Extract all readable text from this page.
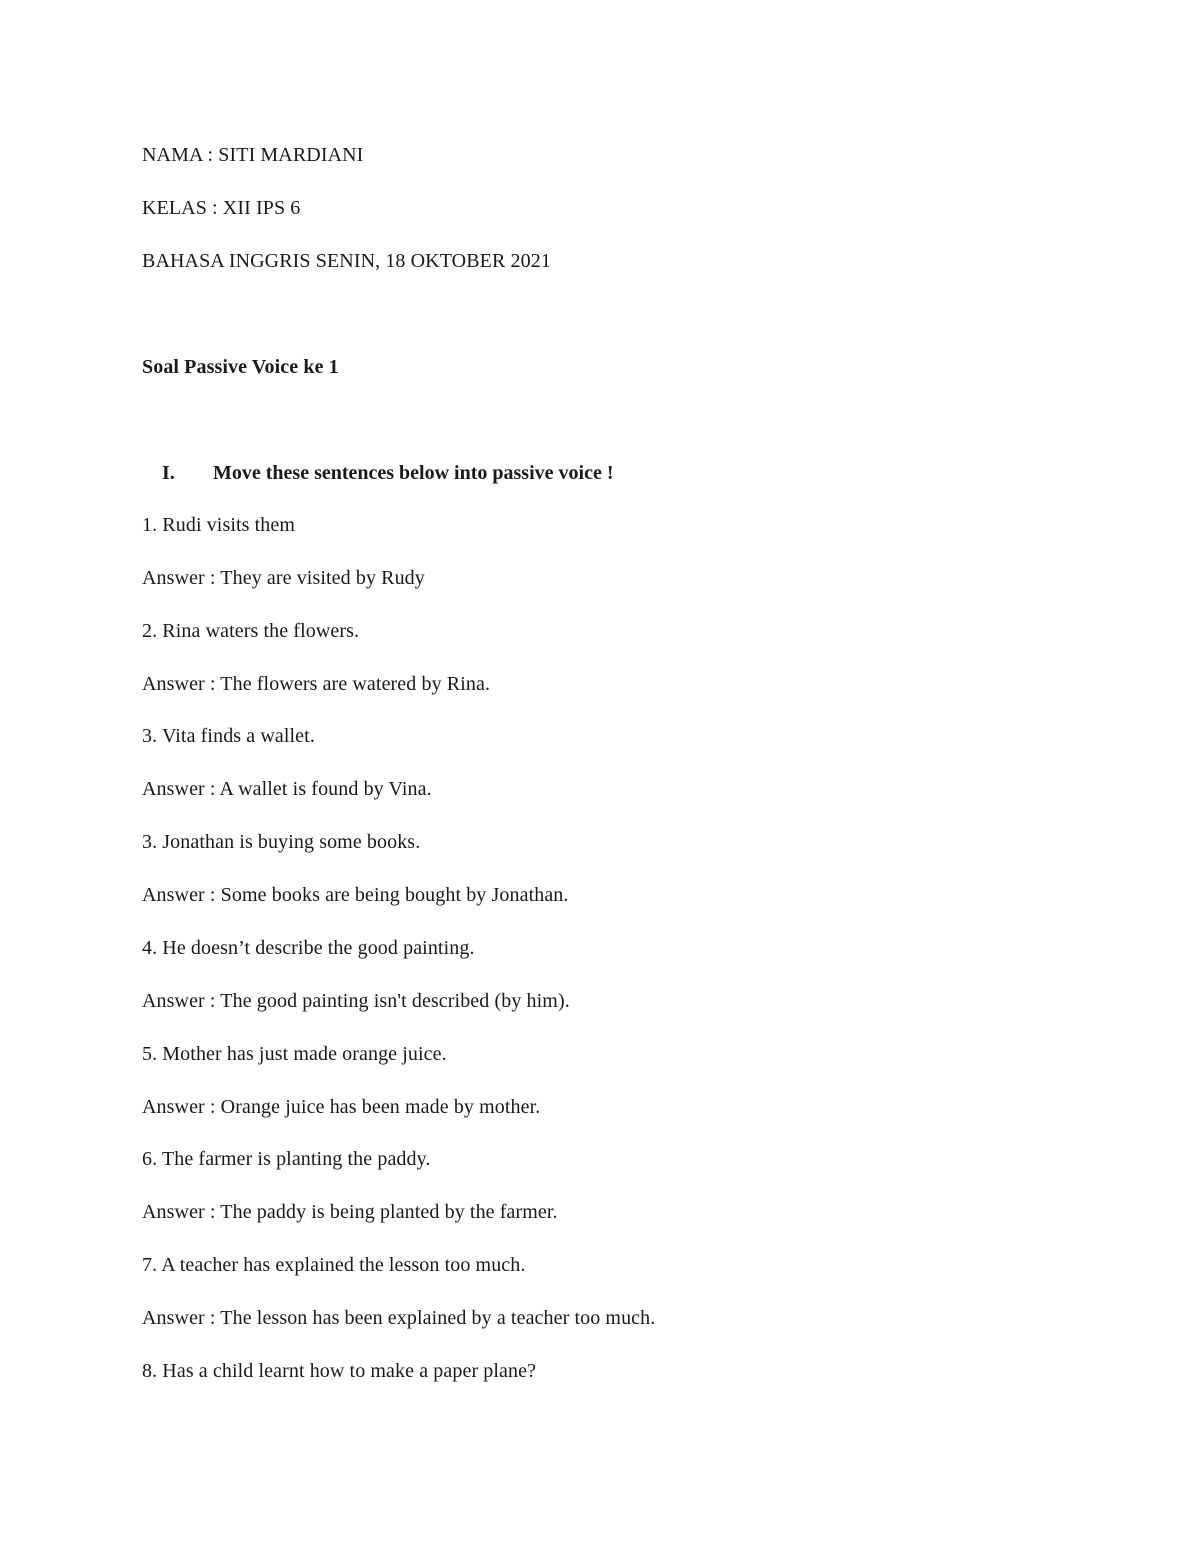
NAMA : SITI MARDIANI
KELAS : XII IPS 6
BAHASA INGGRIS SENIN, 18 OKTOBER 2021
Soal Passive Voice ke 1
I. Move these sentences below into passive voice !
1. Rudi visits them
Answer : They are visited by Rudy
2. Rina waters the flowers.
Answer : The flowers are watered by Rina.
3. Vita finds a wallet.
Answer : A wallet is found by Vina.
3. Jonathan is buying some books.
Answer : Some books are being bought by Jonathan.
4. He doesn’t describe the good painting.
Answer : The good painting isn't described (by him).
5. Mother has just made orange juice.
Answer : Orange juice has been made by mother.
6. The farmer is planting the paddy.
Answer : The paddy is being planted by the farmer.
7. A teacher has explained the lesson too much.
Answer : The lesson has been explained by a teacher too much.
8. Has a child learnt how to make a paper plane?
